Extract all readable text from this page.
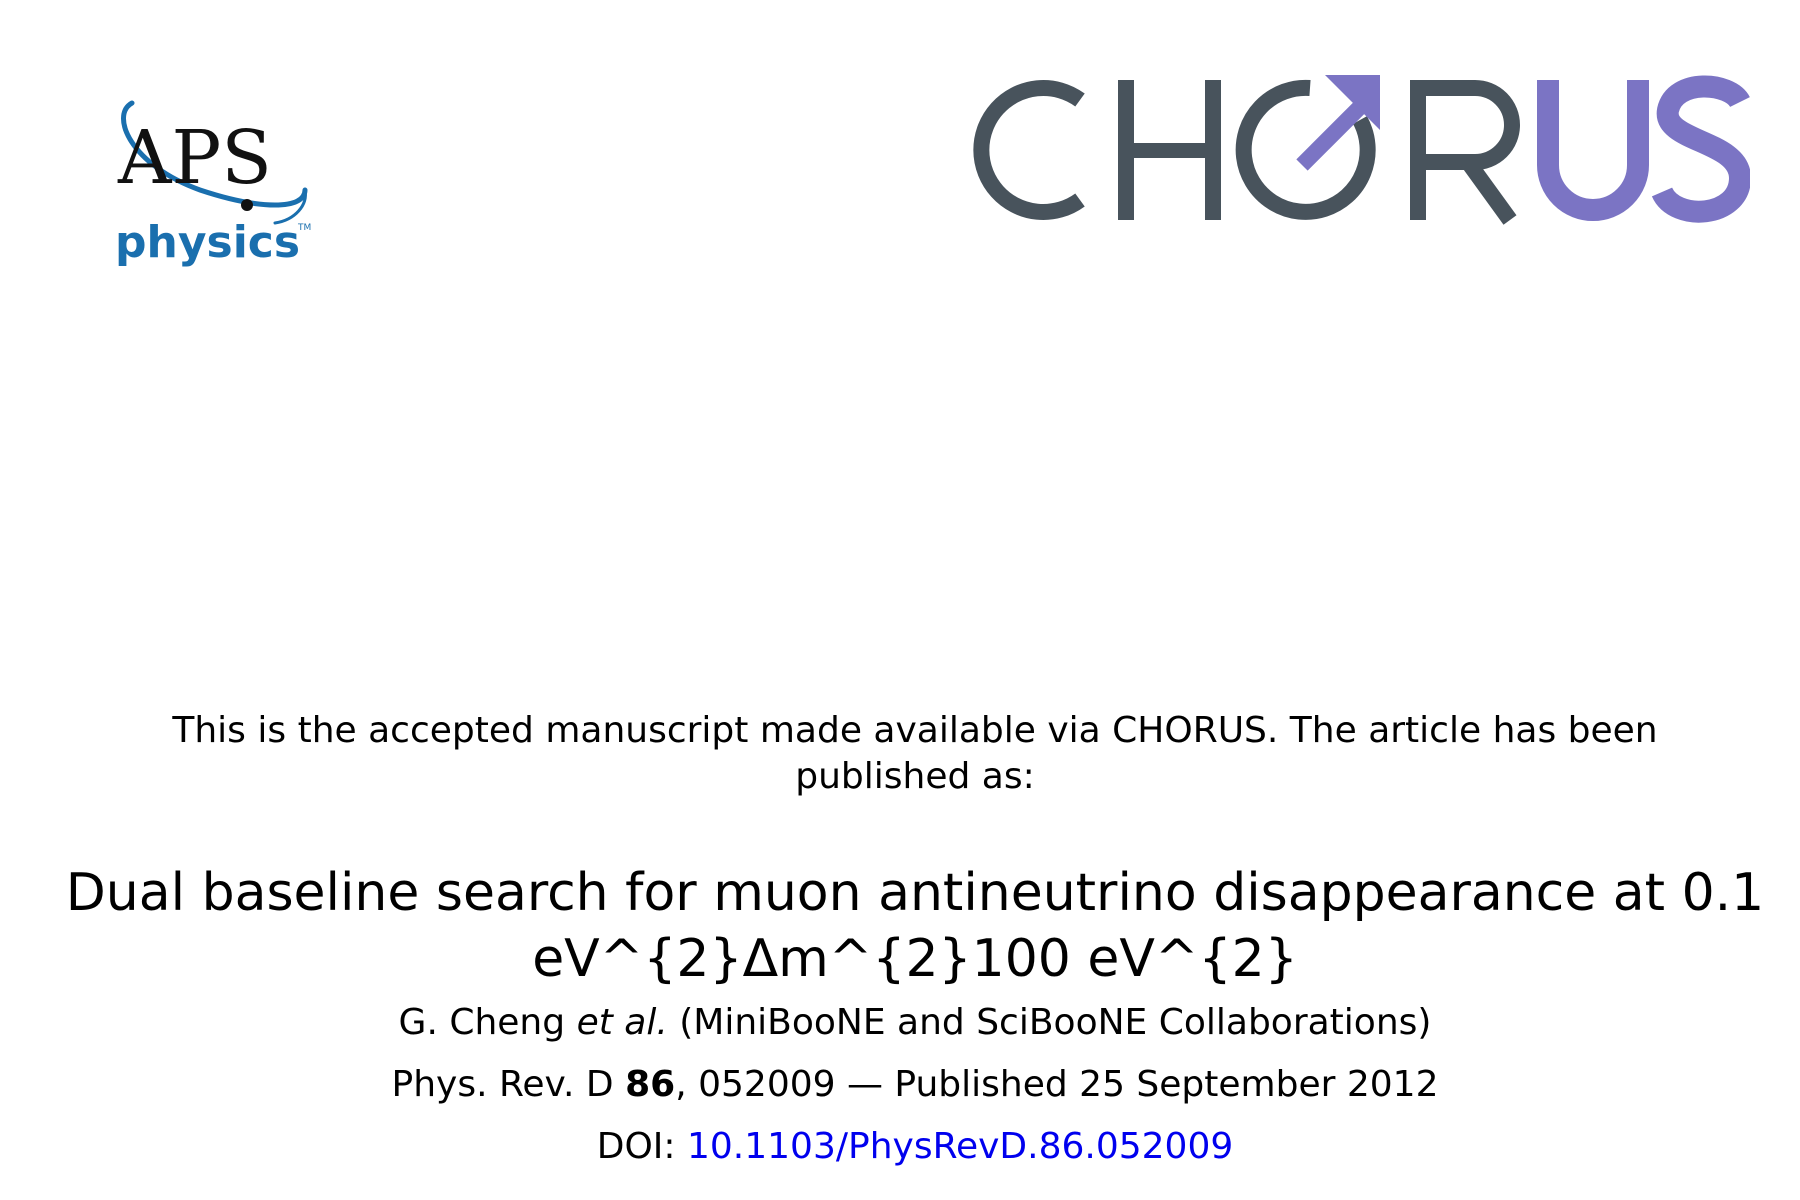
APS
physics
TM	CHORUS
This is the accepted manuscript made available via CHORUS. The article has been published as:
Dual baseline search for muon antineutrino disappearance at 0.1 eV^{2}Δm^{2}100 eV^{2}
G. Cheng et al. (MiniBooNE and SciBooNE Collaborations)
Phys. Rev. D 86, 052009 — Published 25 September 2012
DOI: 10.1103/PhysRevD.86.052009
